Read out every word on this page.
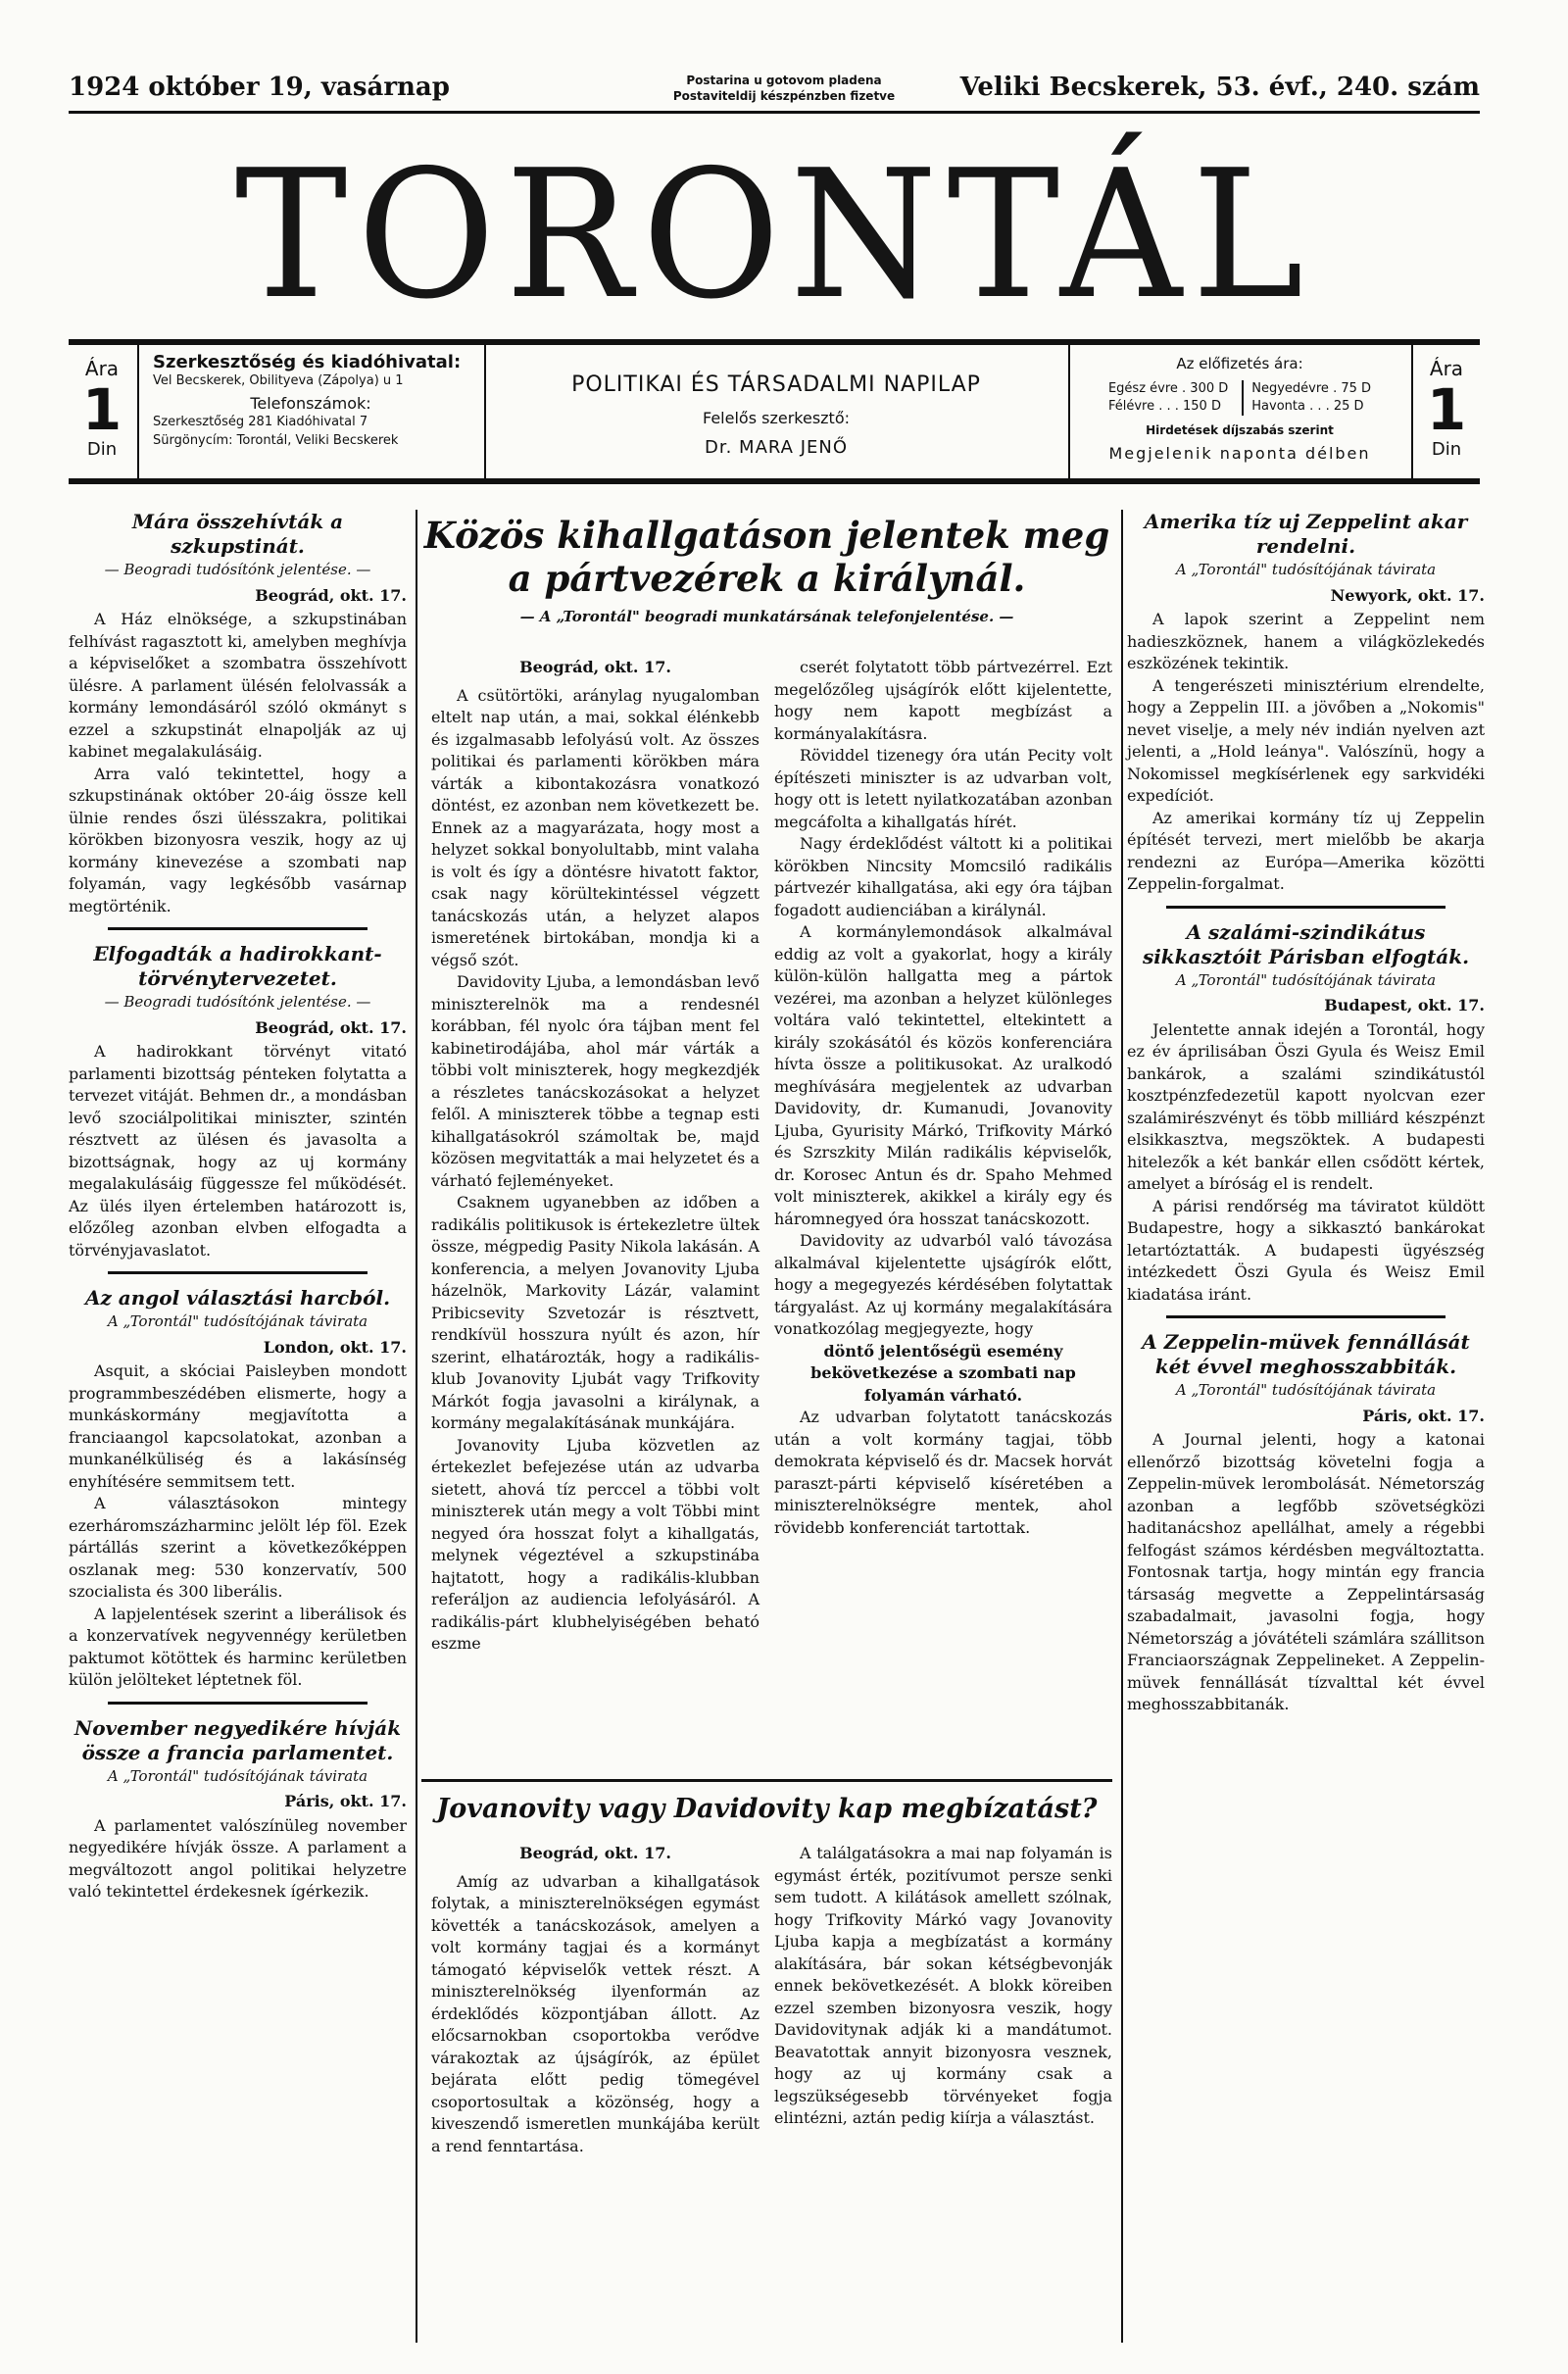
1924 október 19, vasárnap	Postarina u gotovom pladena
Postaviteldij készpénzben fizetve	Veliki Becskerek, 53. évf., 240. szám
TORONTÁL
Ára
1
Din
Szerkesztőség és kiadóhivatal:
Vel Becskerek, Obilityeva (Zápolya) u 1
Telefonszámok:
Szerkesztőség 281 Kiadóhivatal 7
Sürgönycím: Torontál, Veliki Becskerek
POLITIKAI ÉS TÁRSADALMI NAPILAP
Felelős szerkesztő:
Dr. MARA JENŐ
Az előfizetés ára:
Egész évre . 300 D
Félévre . . . 150 D
Negyedévre . 75 D
Havonta . . . 25 D
Hirdetések díjszabás szerint
Megjelenik naponta délben
Ára
1
Din
Mára összehívták a szkupstinát.
— Beogradi tudósítónk jelentése. —
Beográd, okt. 17.

A Ház elnöksége, a szkupstinában felhívást ragasztott ki, amelyben meghívja a képviselőket a szombatra összehívott ülésre. A parlament ülésén felolvassák a kormány lemondásáról szóló okmányt s ezzel a szkupstinát elnapolják az uj kabinet megalakulásáig.

Arra való tekintettel, hogy a szkupstinának október 20-áig össze kell ülnie rendes őszi ülésszakra, politikai körökben bizonyosra veszik, hogy az uj kormány kinevezése a szombati nap folyamán, vagy legkésőbb vasárnap megtörténik.

Elfogadták a hadirokkant-törvénytervezetet.
— Beogradi tudósítónk jelentése. —
Beográd, okt. 17.

A hadirokkant törvényt vitató parlamenti bizottság pénteken folytatta a tervezet vitáját. Behmen dr., a mondásban levő szociálpolitikai miniszter, szintén résztvett az ülésen és javasolta a bizottságnak, hogy az uj kormány megalakulásáig függessze fel működését. Az ülés ilyen értelemben határozott is, előzőleg azonban elvben elfogadta a törvényjavaslatot.

Az angol választási harcból.
A „Torontál" tudósítójának távirata
London, okt. 17.

Asquit, a skóciai Paisleyben mondott programmbeszédében elismerte, hogy a munkáskormány megjavította a franciaangol kapcsolatokat, azonban a munkanélküliség és a lakásínség enyhítésére semmitsem tett.

A választásokon mintegy ezerháromszázharminc jelölt lép föl. Ezek pártállás szerint a következőképpen oszlanak meg: 530 konzervatív, 500 szocialista és 300 liberális.

A lapjelentések szerint a liberálisok és a konzervatívek negyvennégy kerületben paktumot kötöttek és harminc kerületben külön jelölteket léptetnek föl.

November negyedikére hívják össze a francia parlamentet.
A „Torontál" tudósítójának távirata
Páris, okt. 17.

A parlamentet valószínüleg november negyedikére hívják össze. A parlament a megváltozott angol politikai helyzetre való tekintettel érdekesnek ígérkezik.

Közös kihallgatáson jelentek meg a pártvezérek a királynál.
— A „Torontál" beogradi munkatársának telefonjelentése. —
Beográd, okt. 17.

A csütörtöki, aránylag nyugalomban eltelt nap után, a mai, sokkal élénkebb és izgalmasabb lefolyású volt. Az összes politikai és parlamenti körökben mára várták a kibontakozásra vonatkozó döntést, ez azonban nem következett be. Ennek az a magyarázata, hogy most a helyzet sokkal bonyolultabb, mint valaha is volt és így a döntésre hivatott faktor, csak nagy körültekintéssel végzett tanácskozás után, a helyzet alapos ismeretének birtokában, mondja ki a végső szót.

Davidovity Ljuba, a lemondásban levő miniszterelnök ma a rendesnél korábban, fél nyolc óra tájban ment fel kabinetirodájába, ahol már várták a többi volt miniszterek, hogy megkezdjék a részletes tanácskozásokat a helyzet felől. A miniszterek többe a tegnap esti kihallgatásokról számoltak be, majd közösen megvitatták a mai helyzetet és a várható fejleményeket.

Csaknem ugyanebben az időben a radikális politikusok is értekezletre ültek össze, mégpedig Pasity Nikola lakásán. A konferencia, a melyen Jovanovity Ljuba házelnök, Markovity Lázár, valamint Pribicsevity Szvetozár is résztvett, rendkívül hosszura nyúlt és azon, hír szerint, elhatározták, hogy a radikális-klub Jovanovity Ljubát vagy Trifkovity Márkót fogja javasolni a királynak, a kormány megalakításának munkájára.

Jovanovity Ljuba közvetlen az értekezlet befejezése után az udvarba sietett, ahová tíz perccel a többi volt miniszterek után megy a volt Többi mint negyed óra hosszat folyt a kihallgatás, melynek végeztével a szkupstinába hajtatott, hogy a radikális-klubban referáljon az audiencia lefolyásáról. A radikális-párt klubhelyiségében beható eszme

cserét folytatott több pártvezérrel. Ezt megelőzőleg ujságírók előtt kijelentette, hogy nem kapott megbízást a kormányalakításra.

Röviddel tizenegy óra után Pecity volt építészeti miniszter is az udvarban volt, hogy ott is letett nyilatkozatában azonban megcáfolta a kihallgatás hírét.

Nagy érdeklődést váltott ki a politikai körökben Nincsity Momcsiló radikális pártvezér kihallgatása, aki egy óra tájban fogadott audienciában a királynál.

A kormánylemondások alkalmával eddig az volt a gyakorlat, hogy a király külön-külön hallgatta meg a pártok vezérei, ma azonban a helyzet különleges voltára való tekintettel, eltekintett a király szokásától és közös konferenciára hívta össze a politikusokat. Az uralkodó meghívására megjelentek az udvarban Davidovity, dr. Kumanudi, Jovanovity Ljuba, Gyurisity Márkó, Trifkovity Márkó és Szrszkity Milán radikális képviselők, dr. Korosec Antun és dr. Spaho Mehmed volt miniszterek, akikkel a király egy és háromnegyed óra hosszat tanácskozott.

Davidovity az udvarból való távozása alkalmával kijelentette ujságírók előtt, hogy a megegyezés kérdésében folytattak tárgyalást. Az uj kormány megalakítására vonatkozólag megjegyezte, hogy

döntő jelentőségü esemény bekövetkezése a szombati nap folyamán várható.

Az udvarban folytatott tanácskozás után a volt kormány tagjai, több demokrata képviselő és dr. Macsek horvát paraszt-párti képviselő kíséretében a miniszterelnökségre mentek, ahol rövidebb konferenciát tartottak.

Jovanovity vagy Davidovity kap megbízatást?
Beográd, okt. 17.

Amíg az udvarban a kihallgatások folytak, a miniszterelnökségen egymást követték a tanácskozások, amelyen a volt kormány tagjai és a kormányt támogató képviselők vettek részt. A miniszterelnökség ilyenformán az érdeklődés központjában állott. Az előcsarnokban csoportokba verődve várakoztak az újságírók, az épület bejárata előtt pedig tömegével csoportosultak a közönség, hogy a kiveszendő ismeretlen munkájába került a rend fenntartása.

A találgatásokra a mai nap folyamán is egymást érték, pozitívumot persze senki sem tudott. A kilátások amellett szólnak, hogy Trifkovity Márkó vagy Jovanovity Ljuba kapja a megbízatást a kormány alakítására, bár sokan kétségbevonják ennek bekövetkezését. A blokk köreiben ezzel szemben bizonyosra veszik, hogy Davidovitynak adják ki a mandátumot. Beavatottak annyit bizonyosra vesznek, hogy az uj kormány csak a legszükségesebb törvényeket fogja elintézni, aztán pedig kiírja a választást.

Amerika tíz uj Zeppelint akar rendelni.
A „Torontál" tudósítójának távirata
Newyork, okt. 17.

A lapok szerint a Zeppelint nem hadieszköznek, hanem a világközlekedés eszközének tekintik.

A tengerészeti minisztérium elrendelte, hogy a Zeppelin III. a jövőben a „Nokomis" nevet viselje, a mely név indián nyelven azt jelenti, a „Hold leánya". Valószínü, hogy a Nokomissel megkísérlenek egy sarkvidéki expedíciót.

Az amerikai kormány tíz uj Zeppelin építését tervezi, mert mielőbb be akarja rendezni az Európa—Amerika közötti Zeppelin-forgalmat.

A szalámi-szindikátus sikkasztóit Párisban elfogták.
A „Torontál" tudósítójának távirata
Budapest, okt. 17.

Jelentette annak idején a Torontál, hogy ez év áprilisában Öszi Gyula és Weisz Emil bankárok, a szalámi szindikátustól kosztpénzfedezetül kapott nyolcvan ezer szalámirészvényt és több milliárd készpénzt elsikkasztva, megszöktek. A budapesti hitelezők a két bankár ellen csődött kértek, amelyet a bíróság el is rendelt.

A párisi rendőrség ma táviratot küldött Budapestre, hogy a sikkasztó bankárokat letartóztatták. A budapesti ügyészség intézkedett Öszi Gyula és Weisz Emil kiadatása iránt.

A Zeppelin-müvek fennállását két évvel meghosszabbiták.
A „Torontál" tudósítójának távirata
Páris, okt. 17.

A Journal jelenti, hogy a katonai ellenőrző bizottság követelni fogja a Zeppelin-müvek lerombolását. Németország azonban a legfőbb szövetségközi haditanácshoz apellálhat, amely a régebbi felfogást számos kérdésben megváltoztatta. Fontosnak tartja, hogy mintán egy francia társaság megvette a Zeppelintársaság szabadalmait, javasolni fogja, hogy Németország a jóvátételi számlára szállitson Franciaországnak Zeppelineket. A Zeppelin-müvek fennállását tízvalttal két évvel meghosszabbitanák.
